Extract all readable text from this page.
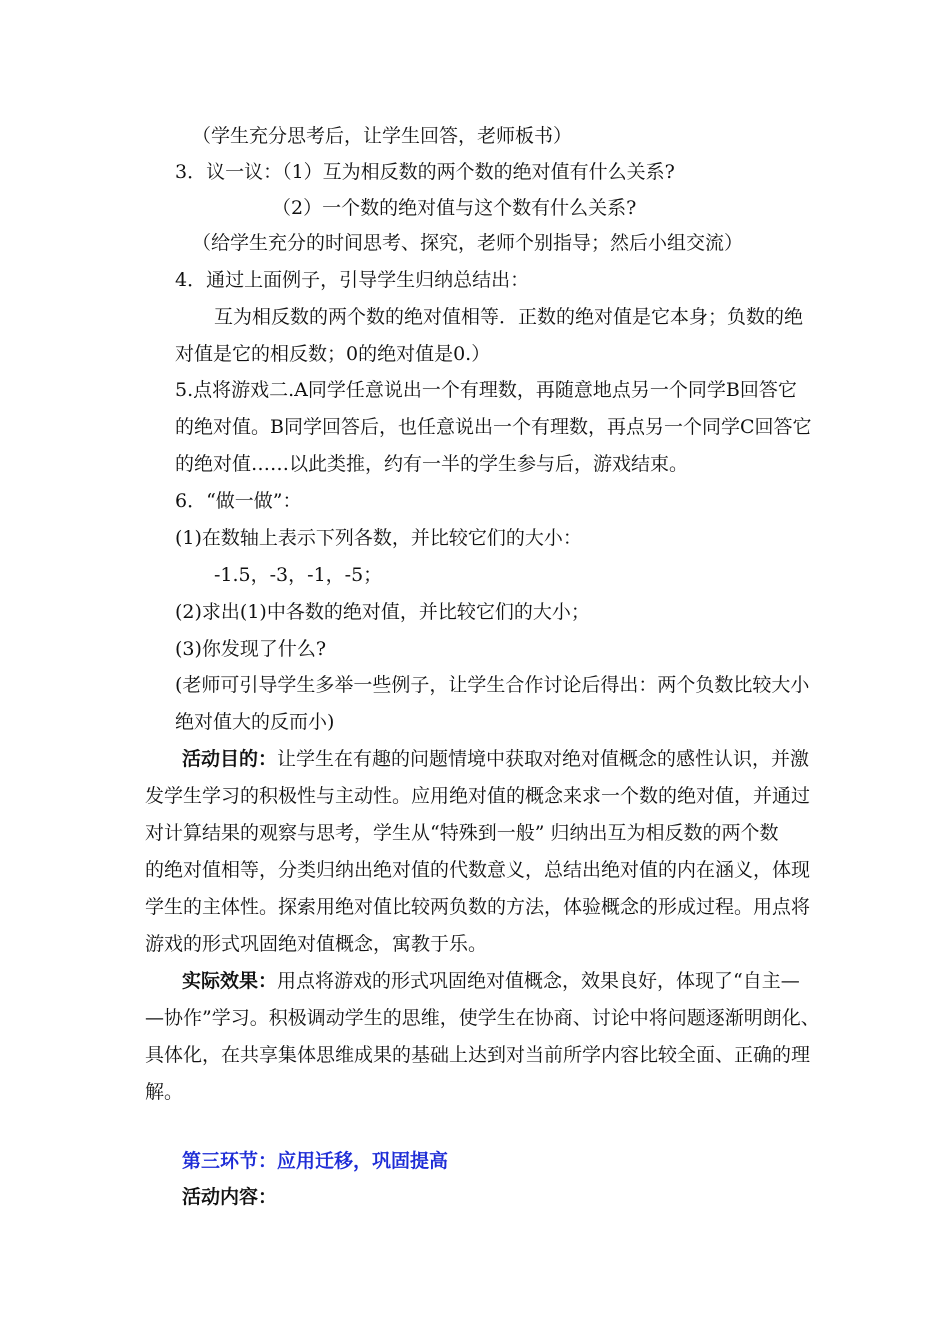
（学生充分思考后，让学生回答，老师板书）
3．议一议：（1）互为相反数的两个数的绝对值有什么关系?
（2）一个数的绝对值与这个数有什么关系?
（给学生充分的时间思考、探究，老师个别指导；然后小组交流）
4．通过上面例子，引导学生归纳总结出：
互为相反数的两个数的绝对值相等．正数的绝对值是它本身；负数的绝
对值是它的相反数；0的绝对值是0.）
5.点将游戏二.A同学任意说出一个有理数，再随意地点另一个同学B回答它
的绝对值。B同学回答后，也任意说出一个有理数，再点另一个同学C回答它
的绝对值……以此类推，约有一半的学生参与后，游戏结束。
6．“做一做”：
(1)在数轴上表示下列各数，并比较它们的大小：
-1.5，-3，-1，-5；
(2)求出(1)中各数的绝对值，并比较它们的大小；
(3)你发现了什么?
(老师可引导学生多举一些例子，让学生合作讨论后得出：两个负数比较大小
绝对值大的反而小)
活动目的：让学生在有趣的问题情境中获取对绝对值概念的感性认识，并激
发学生学习的积极性与主动性。应用绝对值的概念来求一个数的绝对值，并通过
对计算结果的观察与思考，学生从“特殊到一般” 归纳出互为相反数的两个数
的绝对值相等，分类归纳出绝对值的代数意义，总结出绝对值的内在涵义，体现
学生的主体性。探索用绝对值比较两负数的方法，体验概念的形成过程。用点将
游戏的形式巩固绝对值概念，寓教于乐。
实际效果：用点将游戏的形式巩固绝对值概念，效果良好，体现了“自主—
—协作”学习。积极调动学生的思维，使学生在协商、讨论中将问题逐渐明朗化、
具体化，在共享集体思维成果的基础上达到对当前所学内容比较全面、正确的理
解。
第三环节：应用迁移，巩固提高
活动内容：
